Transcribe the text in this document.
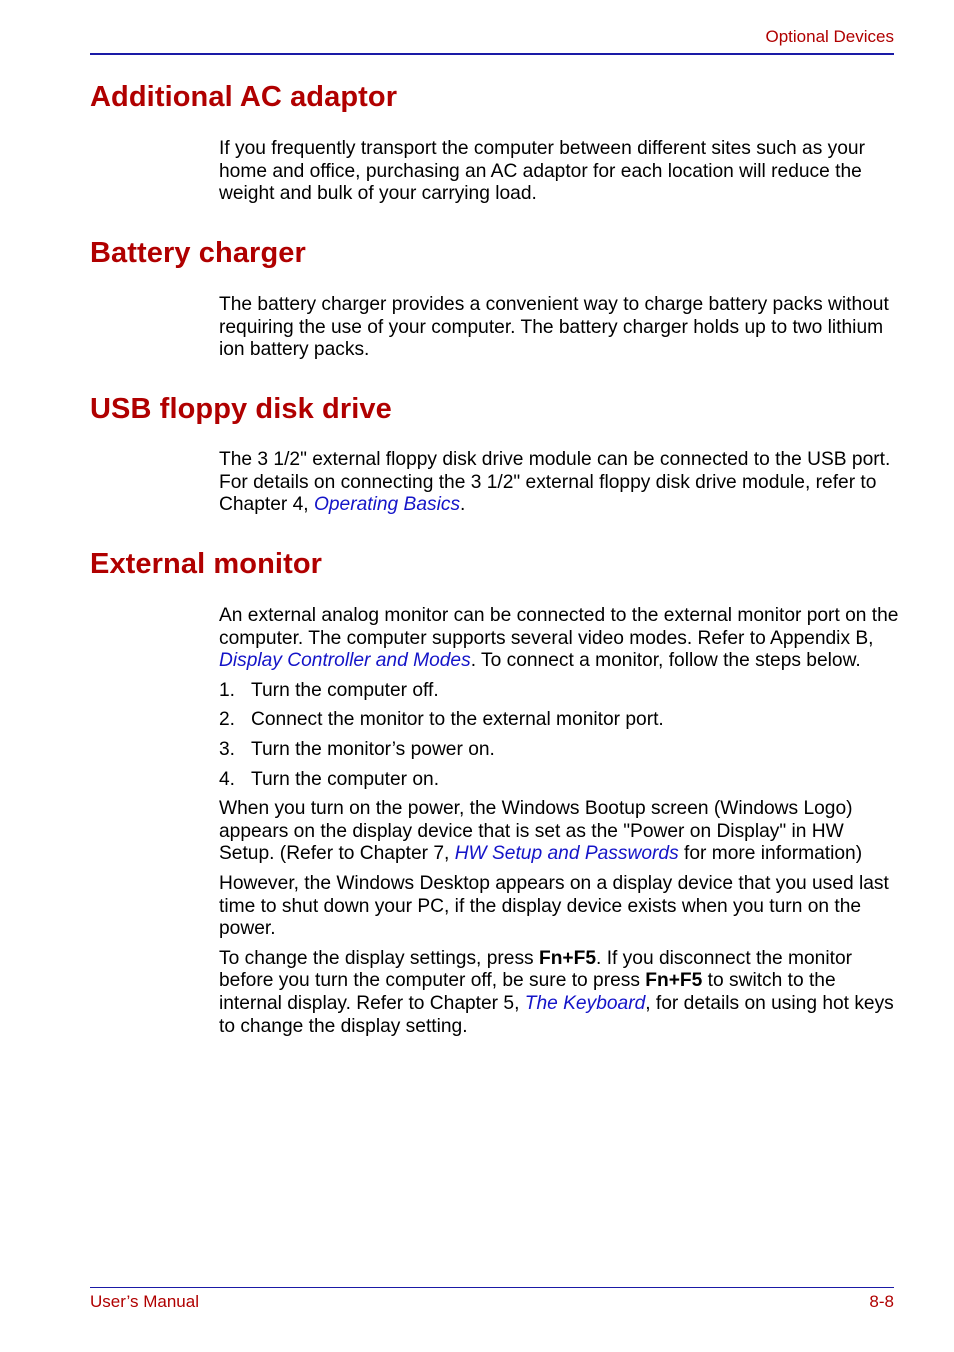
Optional Devices
Additional AC adaptor

If you frequently transport the computer between different sites such as your home and office, purchasing an AC adaptor for each location will reduce the weight and bulk of your carrying load.

Battery charger

The battery charger provides a convenient way to charge battery packs without requiring the use of your computer. The battery charger holds up to two lithium ion battery packs.

USB floppy disk drive

The 3 1/2" external floppy disk drive module can be connected to the USB port. For details on connecting the 3 1/2" external floppy disk drive module, refer to Chapter 4, Operating Basics.

External monitor

An external analog monitor can be connected to the external monitor port on the computer. The computer supports several video modes. Refer to Appendix B, Display Controller and Modes. To connect a monitor, follow the steps below.

1. Turn the computer off.
2. Connect the monitor to the external monitor port.
3. Turn the monitor’s power on.
4. Turn the computer on.

When you turn on the power, the Windows Bootup screen (Windows Logo) appears on the display device that is set as the "Power on Display" in HW Setup. (Refer to Chapter 7, HW Setup and Passwords for more information)

However, the Windows Desktop appears on a display device that you used last time to shut down your PC, if the display device exists when you turn on the power.

To change the display settings, press Fn+F5. If you disconnect the monitor before you turn the computer off, be sure to press Fn+F5 to switch to the internal display. Refer to Chapter 5, The Keyboard, for details on using hot keys to change the display setting.

User’s Manual	8-8
